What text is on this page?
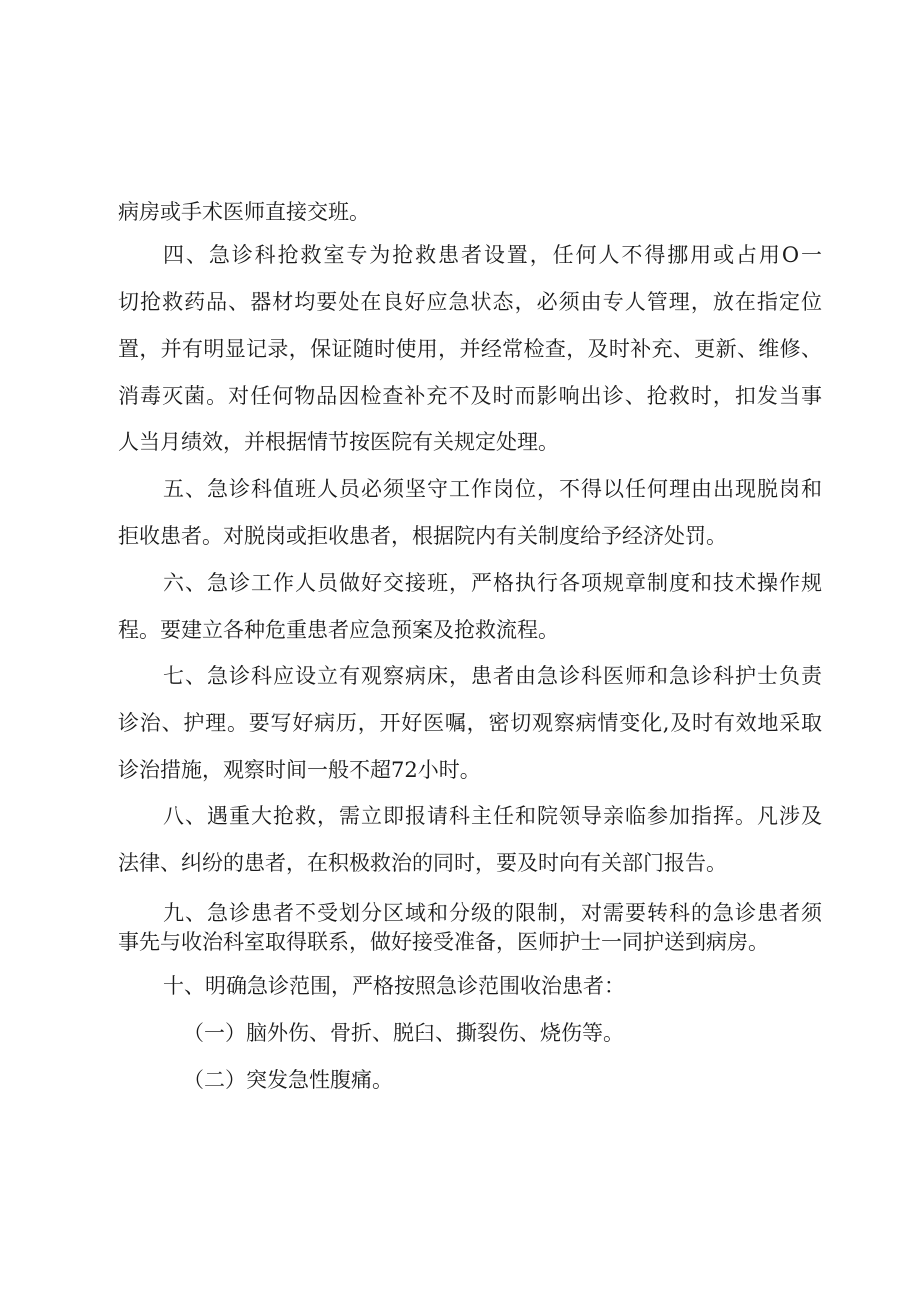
病房或手术医师直接交班。

四、急诊科抢救室专为抢救患者设置，任何人不得挪用或占用O一

切抢救药品、器材均要处在良好应急状态，必须由专人管理，放在指定位

置，并有明显记录，保证随时使用，并经常检查，及时补充、更新、维修、

消毒灭菌。对任何物品因检查补充不及时而影响出诊、抢救时，扣发当事

人当月绩效，并根据情节按医院有关规定处理。

五、急诊科值班人员必须坚守工作岗位，不得以任何理由出现脱岗和

拒收患者。对脱岗或拒收患者，根据院内有关制度给予经济处罚。

六、急诊工作人员做好交接班，严格执行各项规章制度和技术操作规

程。要建立各种危重患者应急预案及抢救流程。

七、急诊科应设立有观察病床，患者由急诊科医师和急诊科护士负责

诊治、护理。要写好病历，开好医嘱，密切观察病情变化,及时有效地采取

诊治措施，观察时间一般不超72小时。

八、遇重大抢救，需立即报请科主任和院领导亲临参加指挥。凡涉及

法律、纠纷的患者，在积极救治的同时，要及时向有关部门报告。

九、急诊患者不受划分区域和分级的限制，对需要转科的急诊患者须

事先与收治科室取得联系，做好接受准备，医师护士一同护送到病房。

十、明确急诊范围，严格按照急诊范围收治患者：

（一）脑外伤、骨折、脱臼、撕裂伤、烧伤等。

（二）突发急性腹痛。
